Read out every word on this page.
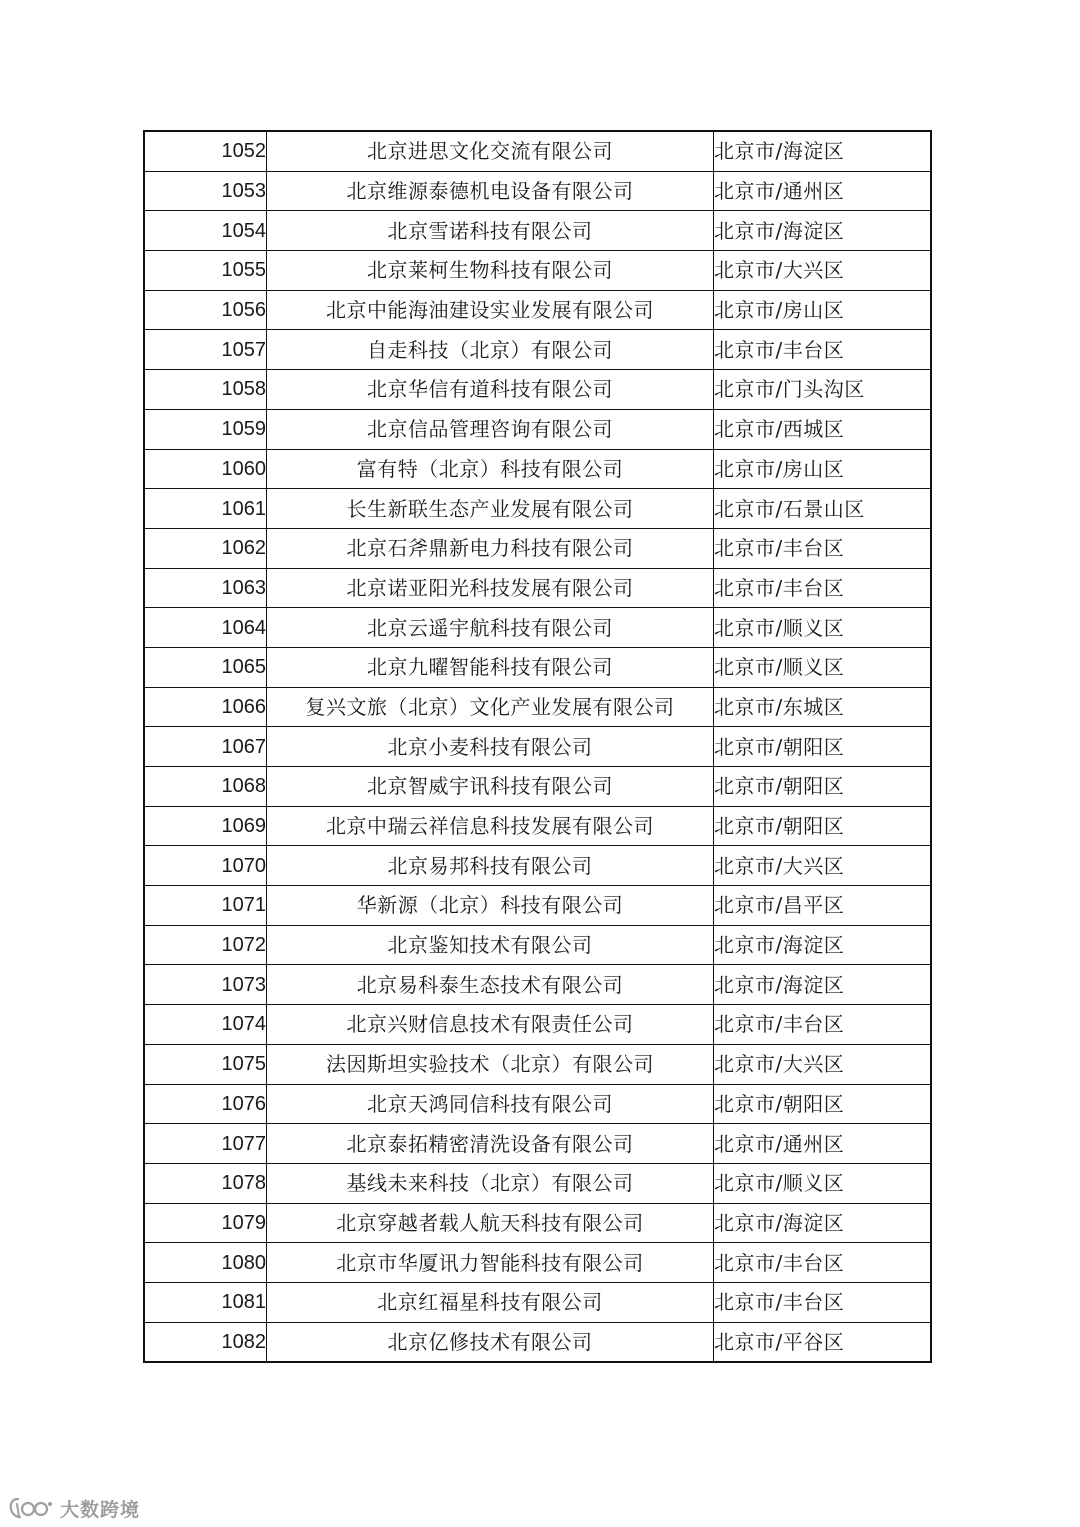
1052	北京进思文化交流有限公司	北京市/海淀区
1053	北京维源泰德机电设备有限公司	北京市/通州区
1054	北京雪诺科技有限公司	北京市/海淀区
1055	北京莱柯生物科技有限公司	北京市/大兴区
1056	北京中能海油建设实业发展有限公司	北京市/房山区
1057	自走科技（北京）有限公司	北京市/丰台区
1058	北京华信有道科技有限公司	北京市/门头沟区
1059	北京信品管理咨询有限公司	北京市/西城区
1060	富有特（北京）科技有限公司	北京市/房山区
1061	长生新联生态产业发展有限公司	北京市/石景山区
1062	北京石斧鼎新电力科技有限公司	北京市/丰台区
1063	北京诺亚阳光科技发展有限公司	北京市/丰台区
1064	北京云遥宇航科技有限公司	北京市/顺义区
1065	北京九曜智能科技有限公司	北京市/顺义区
1066	复兴文旅（北京）文化产业发展有限公司	北京市/东城区
1067	北京小麦科技有限公司	北京市/朝阳区
1068	北京智威宇讯科技有限公司	北京市/朝阳区
1069	北京中瑞云祥信息科技发展有限公司	北京市/朝阳区
1070	北京易邦科技有限公司	北京市/大兴区
1071	华新源（北京）科技有限公司	北京市/昌平区
1072	北京鉴知技术有限公司	北京市/海淀区
1073	北京易科泰生态技术有限公司	北京市/海淀区
1074	北京兴财信息技术有限责任公司	北京市/丰台区
1075	法因斯坦实验技术（北京）有限公司	北京市/大兴区
1076	北京天鸿同信科技有限公司	北京市/朝阳区
1077	北京泰拓精密清洗设备有限公司	北京市/通州区
1078	基线未来科技（北京）有限公司	北京市/顺义区
1079	北京穿越者载人航天科技有限公司	北京市/海淀区
1080	北京市华厦讯力智能科技有限公司	北京市/丰台区
1081	北京红福星科技有限公司	北京市/丰台区
1082	北京亿修技术有限公司	北京市/平谷区
大数跨境
